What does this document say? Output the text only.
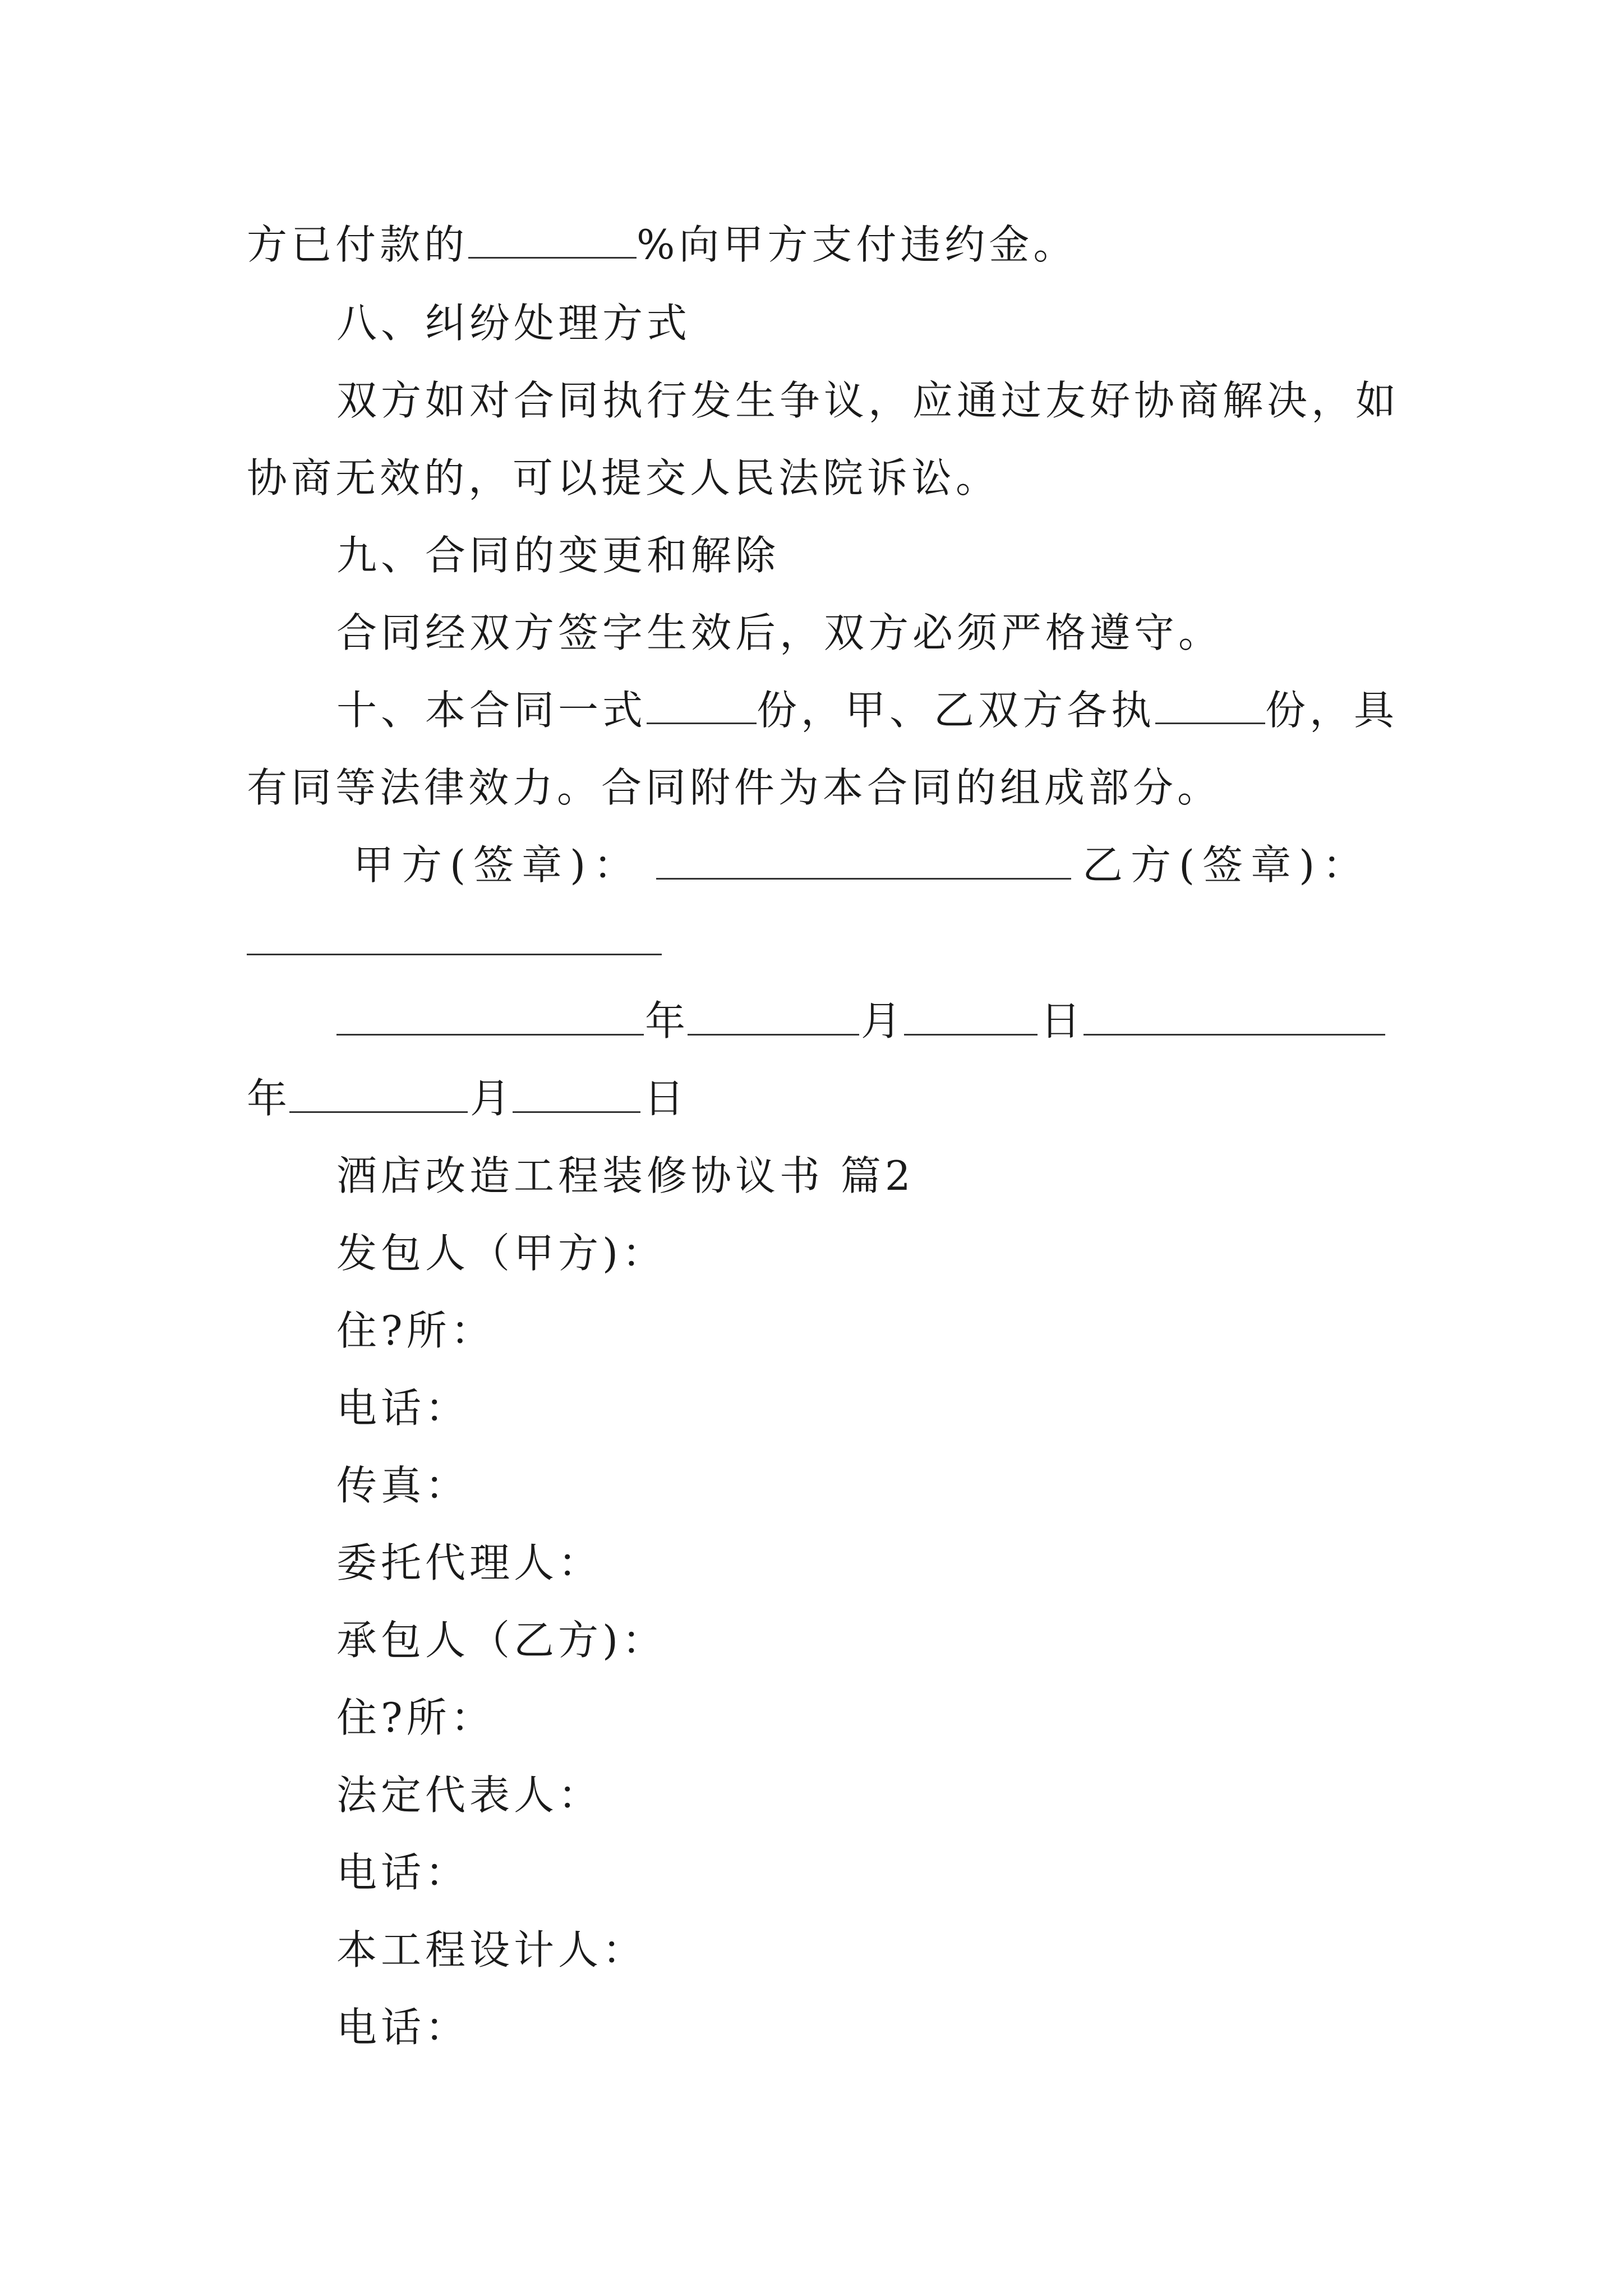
方已付款的	%向甲方支付违约金。
八、纠纷处理方式
双方如对合同执行发生争议，应通过友好协商解决，如
协商无效的，可以提交人民法院诉讼。
九、合同的变更和解除
合同经双方签字生效后，双方必须严格遵守。
十、本合同一式	份，甲、乙双方各执	份，具
有同等法律效力。合同附件为本合同的组成部分。
甲方(签章)：	乙方(签章)：
年	月	日
年	月	日
酒店改造工程装修协议书 篇2
发包人（甲方)：
住?所：
电话：
传真：
委托代理人：
承包人（乙方)：
住?所：
法定代表人：
电话：
本工程设计人：
电话：
